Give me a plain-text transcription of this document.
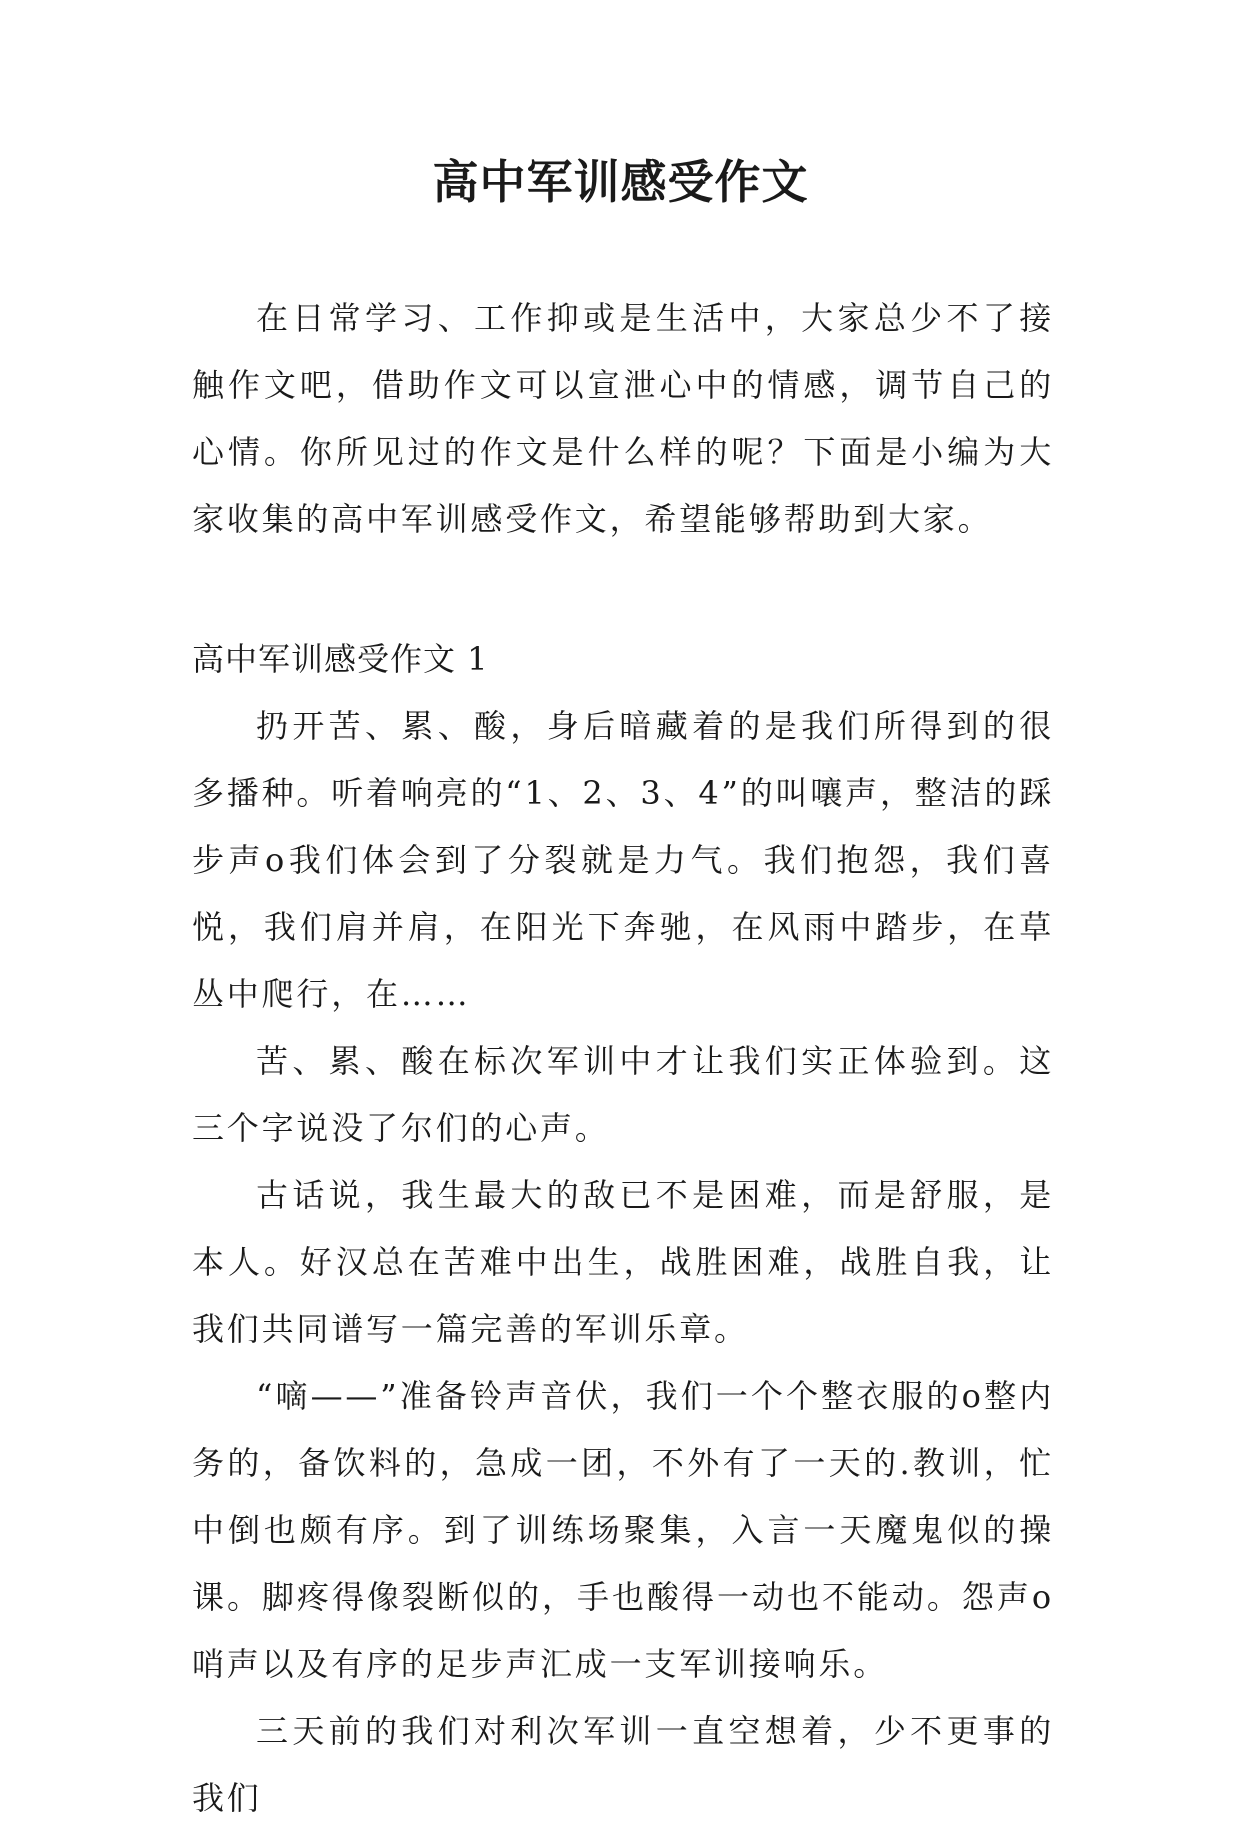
高中军训感受作文

在日常学习、工作抑或是生活中，大家总少不了接触作文吧，借助作文可以宣泄心中的情感，调节自己的心情。你所见过的作文是什么样的呢？下面是小编为大家收集的高中军训感受作文，希望能够帮助到大家。

高中军训感受作文 1

扔开苦、累、酸，身后暗藏着的是我们所得到的很多播种。听着响亮的“1、2、3、4”的叫嚷声，整洁的踩步声o我们体会到了分裂就是力气。我们抱怨，我们喜悦，我们肩并肩，在阳光下奔驰，在风雨中踏步，在草丛中爬行，在……

苦、累、酸在标次军训中才让我们实正体验到。这三个字说没了尔们的心声。

古话说，我生最大的敌已不是困难，而是舒服，是本人。好汉总在苦难中出生，战胜困难，战胜自我，让我们共同谱写一篇完善的军训乐章。

“嘀——”准备铃声音伏，我们一个个整衣服的o整内务的，备饮料的，急成一团，不外有了一天的.教训，忙中倒也颇有序。到了训练场聚集，入言一天魔鬼似的操课。脚疼得像裂断似的，手也酸得一动也不能动。怨声o哨声以及有序的足步声汇成一支军训接响乐。

三天前的我们对利次军训一直空想着，少不更事的我们
